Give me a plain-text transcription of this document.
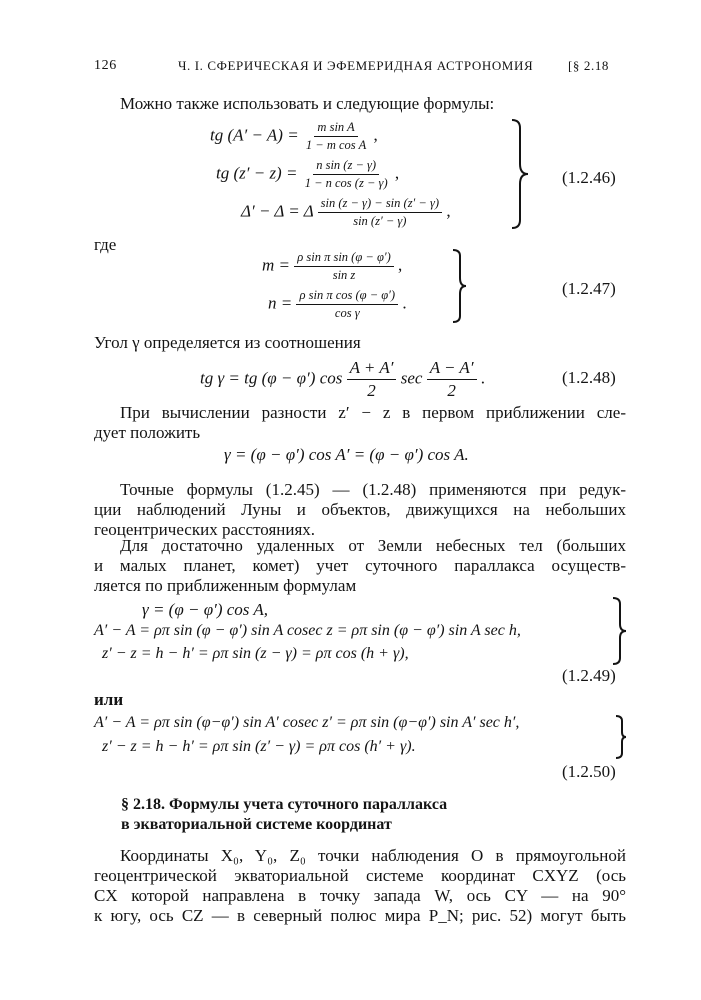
126	Ч. I. СФЕРИЧЕСКАЯ И ЭФЕМЕРИДНАЯ АСТРОНОМИЯ	[§ 2.18
Можно также использовать и следующие формулы:
tg $(A' - A) = \frac{\text{m sin A}}{\text{1 − m cos A}}$ ,
tg $(z' - z) = \frac{\text{n sin (z − γ)}}{\text{1 − n cos (z − γ)}}$ ,
Δ′ − Δ = Δ $\frac{\sin (z - \gamma) - \sin (z' - \gamma)}{\sin (z' - \gamma)}$ ,
(1.2.46)
где
$m = \frac{\text{ρ sin π sin (φ − φ′)}}{\text{sin z}}$ ,
$n = \frac{\text{ρ sin π cos (φ − φ′)}}{\text{cos γ}}$ .
(1.2.47)
Угол γ определяется из соотношения
tg γ = tg (φ − φ′) $\cos \frac{A + A'}{2}$ $\sec \frac{A - A'}{2}$ .	(1.2.48)
При вычислении разности z′ − z в первом приближении сле-
дует положить
γ = (φ − φ′) cos A′ = (φ − φ′) cos A.
Точные формулы (1.2.45) — (1.2.48) применяются при редук-
ции наблюдений Луны и объектов, движущихся на небольших
геоцентрических расстояниях.
Для достаточно удаленных от Земли небесных тел (больших
и малых планет, комет) учет суточного параллакса осуществ-
ляется по приближенным формулам
γ = (φ − φ′) cos A,
A′ − A = ρπ sin (φ − φ′) sin A cosec z = ρπ sin (φ − φ′) sin A sec h,
z′ − z = h − h′ = ρπ sin (z − γ) = ρπ cos (h + γ),
(1.2.49)
или
A′ − A = ρπ sin (φ−φ′) sin A′ cosec z′ = ρπ sin (φ−φ′) sin A′ sec h′,
z′ − z = h − h′ = ρπ sin (z′ − γ) = ρπ cos (h′ + γ).
(1.2.50)
§ 2.18. Формулы учета суточного параллакса
в экваториальной системе координат
Координаты X₀, Y₀, Z₀ точки наблюдения O в прямоугольной
геоцентрической экваториальной системе координат CXYZ (ось
CX которой направлена в точку запада W, ось CY — на 90°
к югу, ось CZ — в северный полюс мира P_N; рис. 52) могут быть
